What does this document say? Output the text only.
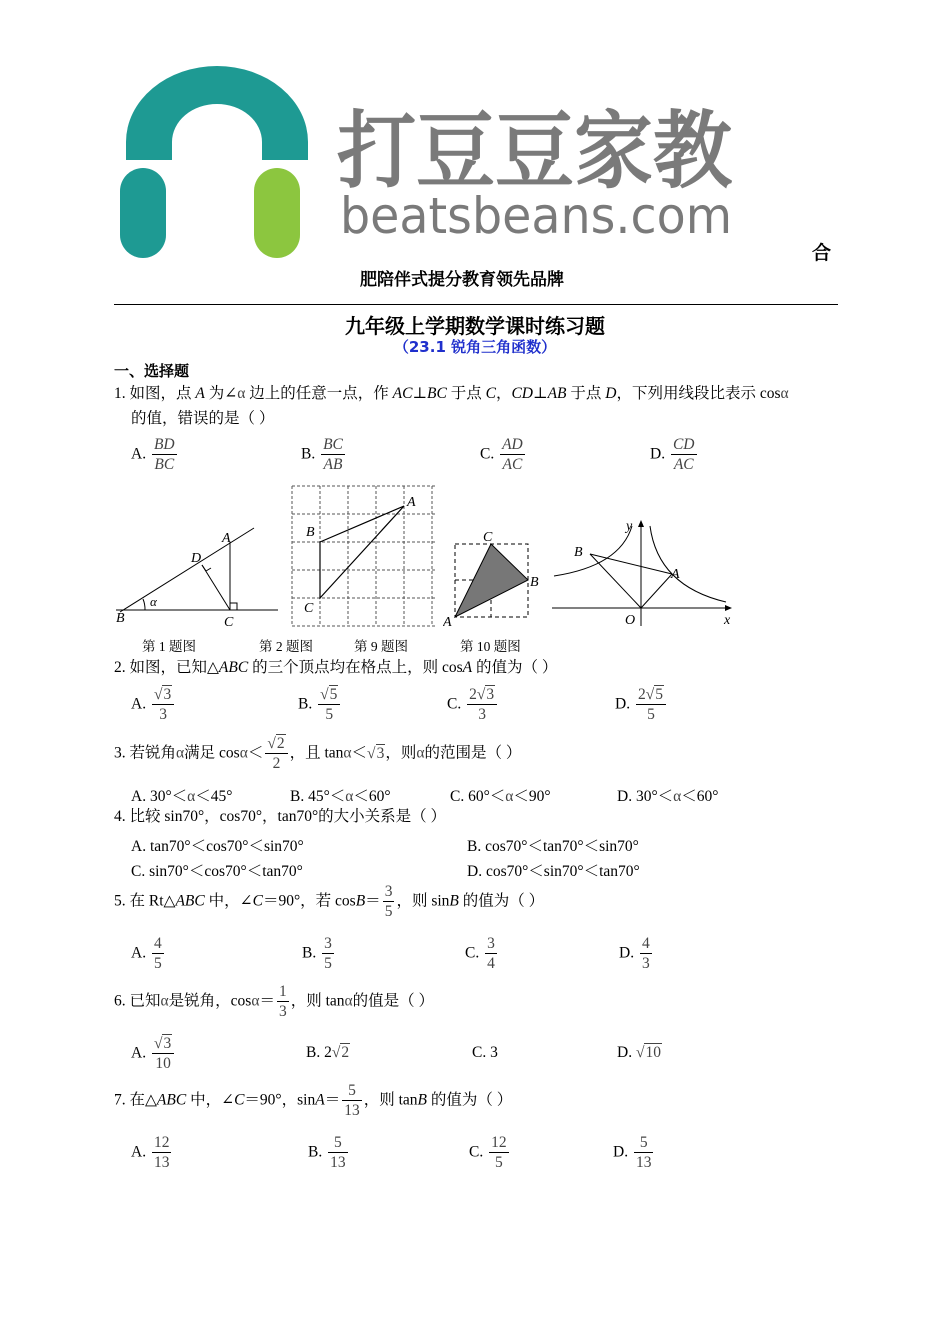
打豆豆家教
beatsbeans.com
合
肥陪伴式提分教育领先品牌
九年级上学期数学课时练习题
（23.1 锐角三角函数）
一、选择题
1. 如图，点 A 为∠α 边上的任意一点，作 AC⊥BC 于点 C，CD⊥AB 于点 D，下列用线段比表示 cosα
的值，错误的是（ ）
A. $\frac{BD}{BC}$	B. $\frac{BC}{AB}$	C. $\frac{AD}{AC}$	D. $\frac{CD}{AC}$
B
A
C
D
α
A
B
C
C
B
A
B
A
O	x
y
第 1 题图	第 2 题图	第 9 题图	第 10 题图
2. 如图，已知△ABC 的三个顶点均在格点上，则 cosA 的值为（ ）
A. $\frac{√3}{3}$	B. $\frac{√5}{5}$	C. $\frac{2√3}{3}$	D. $\frac{2√5}{5}$
3. 若锐角α满足 $\cos\alpha< \frac{√2}{2}$ ，且 tanα＜√3，则α的范围是（ ）
A. 30°＜α＜45°	B. 45°＜α＜60°	C. 60°＜α＜90°	D. 30°＜α＜60°
4. 比较 sin70°，cos70°，tan70°的大小关系是（ ）
A. tan70°＜cos70°＜sin70°	B. cos70°＜tan70°＜sin70°
C. sin70°＜cos70°＜tan70°	D. cos70°＜sin70°＜tan70°
5. 在 Rt△ABC 中，∠C＝90°，若 $\cos B= \frac{3}{5}$ ，则 sinB 的值为（ ）
A. $\frac{4}{5}$	B. $\frac{3}{5}$	C. $\frac{3}{4}$	D. $\frac{4}{3}$
6. 已知α是锐角，$\cos\alpha= \frac{1}{3}$ ，则 tanα的值是（ ）
A. $\frac{√3}{10}$	B. 2√2	C. 3	D. √10
7. 在△ABC 中，∠C＝90°，$\sin A= \frac{5}{13}$ ，则 tanB 的值为（ ）
A. $\frac{12}{13}$	B. $\frac{5}{13}$	C. $\frac{12}{5}$	D. $\frac{5}{13}$
